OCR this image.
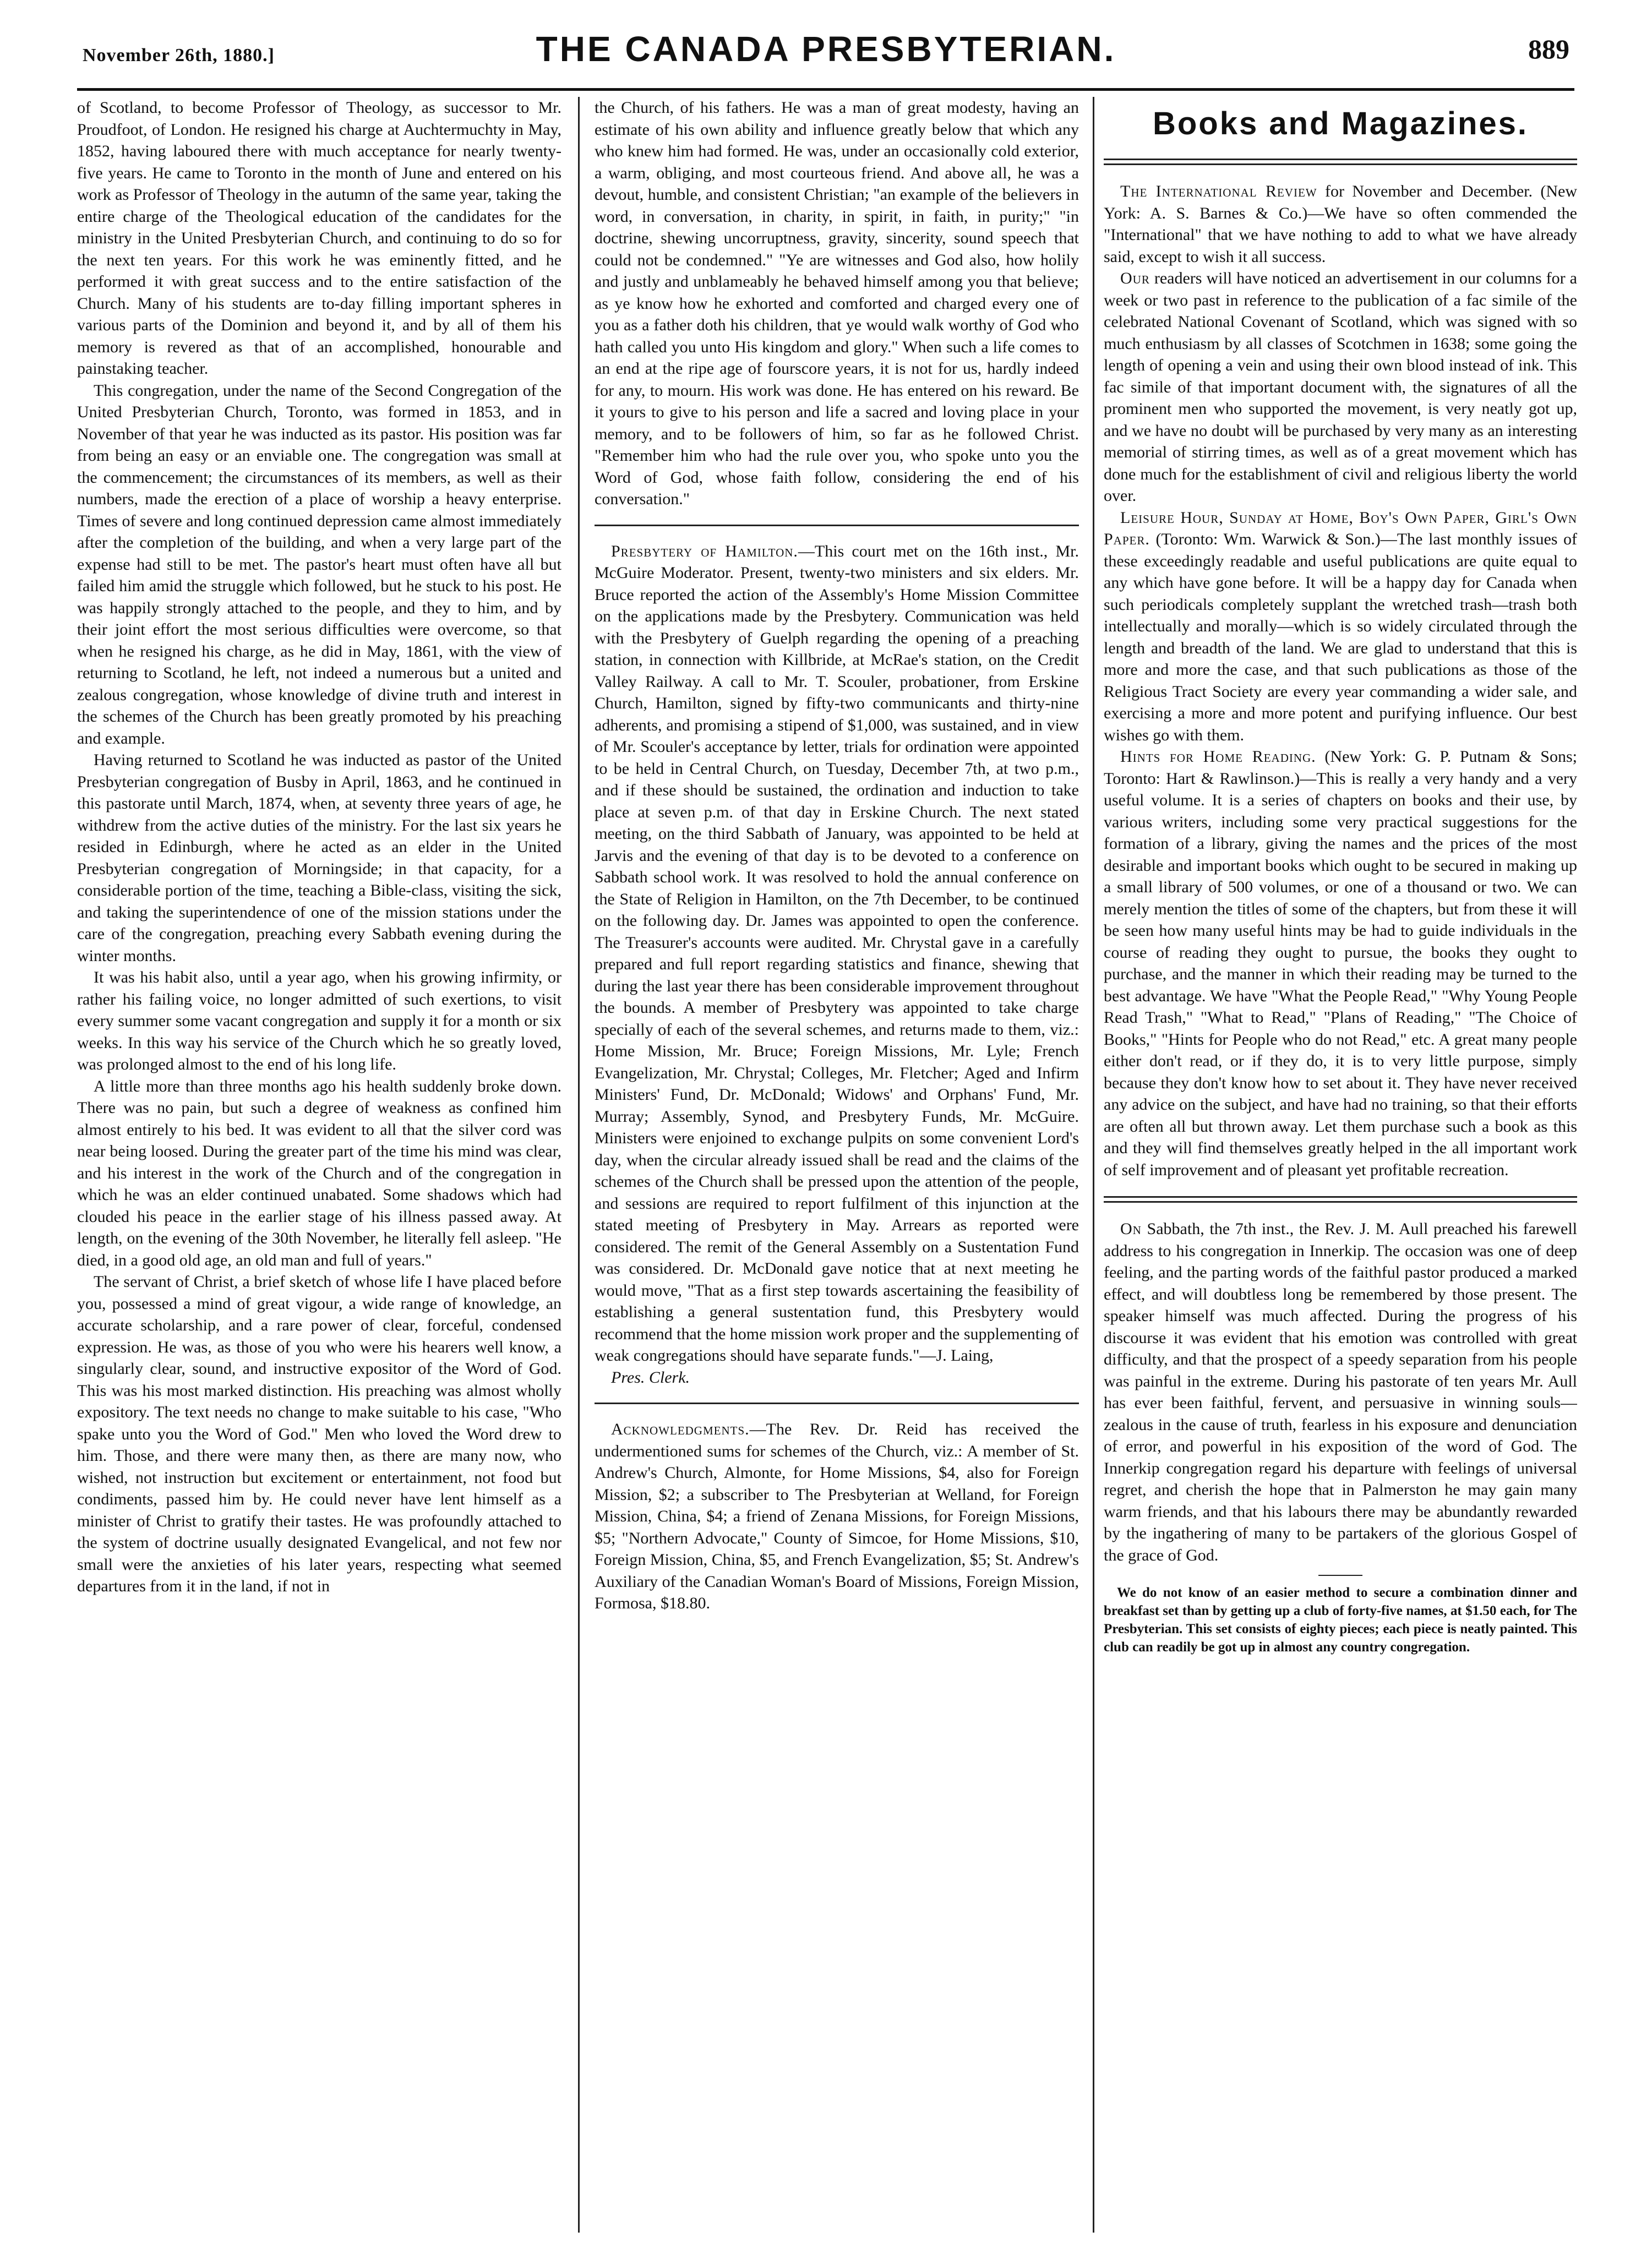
November 26th, 1880.]	THE CANADA PRESBYTERIAN.	889

of Scotland, to become Professor of Theology, as successor to Mr. Proudfoot, of London. He resigned his charge at Auchtermuchty in May, 1852, having laboured there with much acceptance for nearly twenty-five years. He came to Toronto in the month of June and entered on his work as Professor of Theology in the autumn of the same year, taking the entire charge of the Theological education of the candidates for the ministry in the United Presbyterian Church, and continuing to do so for the next ten years. For this work he was eminently fitted, and he performed it with great success and to the entire satisfaction of the Church. Many of his students are to-day filling important spheres in various parts of the Dominion and beyond it, and by all of them his memory is revered as that of an accomplished, honourable and painstaking teacher.

This congregation, under the name of the Second Congregation of the United Presbyterian Church, Toronto, was formed in 1853, and in November of that year he was inducted as its pastor. His position was far from being an easy or an enviable one. The congregation was small at the commencement; the circumstances of its members, as well as their numbers, made the erection of a place of worship a heavy enterprise. Times of severe and long continued depression came almost immediately after the completion of the building, and when a very large part of the expense had still to be met. The pastor's heart must often have all but failed him amid the struggle which followed, but he stuck to his post. He was happily strongly attached to the people, and they to him, and by their joint effort the most serious difficulties were overcome, so that when he resigned his charge, as he did in May, 1861, with the view of returning to Scotland, he left, not indeed a numerous but a united and zealous congregation, whose knowledge of divine truth and interest in the schemes of the Church has been greatly promoted by his preaching and example.

Having returned to Scotland he was inducted as pastor of the United Presbyterian congregation of Busby in April, 1863, and he continued in this pastorate until March, 1874, when, at seventy three years of age, he withdrew from the active duties of the ministry. For the last six years he resided in Edinburgh, where he acted as an elder in the United Presbyterian congregation of Morningside; in that capacity, for a considerable portion of the time, teaching a Bible-class, visiting the sick, and taking the superintendence of one of the mission stations under the care of the congregation, preaching every Sabbath evening during the winter months.

It was his habit also, until a year ago, when his growing infirmity, or rather his failing voice, no longer admitted of such exertions, to visit every summer some vacant congregation and supply it for a month or six weeks. In this way his service of the Church which he so greatly loved, was prolonged almost to the end of his long life.

A little more than three months ago his health suddenly broke down. There was no pain, but such a degree of weakness as confined him almost entirely to his bed. It was evident to all that the silver cord was near being loosed. During the greater part of the time his mind was clear, and his interest in the work of the Church and of the congregation in which he was an elder continued unabated. Some shadows which had clouded his peace in the earlier stage of his illness passed away. At length, on the evening of the 30th November, he literally fell asleep. "He died, in a good old age, an old man and full of years."

The servant of Christ, a brief sketch of whose life I have placed before you, possessed a mind of great vigour, a wide range of knowledge, an accurate scholarship, and a rare power of clear, forceful, condensed expression. He was, as those of you who were his hearers well know, a singularly clear, sound, and instructive expositor of the Word of God. This was his most marked distinction. His preaching was almost wholly expository. The text needs no change to make suitable to his case, "Who spake unto you the Word of God." Men who loved the Word drew to him. Those, and there were many then, as there are many now, who wished, not instruction but excitement or entertainment, not food but condiments, passed him by. He could never have lent himself as a minister of Christ to gratify their tastes. He was profoundly attached to the system of doctrine usually designated Evangelical, and not few nor small were the anxieties of his later years, respecting what seemed departures from it in the land, if not in

the Church, of his fathers. He was a man of great modesty, having an estimate of his own ability and influence greatly below that which any who knew him had formed. He was, under an occasionally cold exterior, a warm, obliging, and most courteous friend. And above all, he was a devout, humble, and consistent Christian; "an example of the believers in word, in conversation, in charity, in spirit, in faith, in purity;" "in doctrine, shewing uncorruptness, gravity, sincerity, sound speech that could not be condemned." "Ye are witnesses and God also, how holily and justly and unblameably he behaved himself among you that believe; as ye know how he exhorted and comforted and charged every one of you as a father doth his children, that ye would walk worthy of God who hath called you unto His kingdom and glory." When such a life comes to an end at the ripe age of fourscore years, it is not for us, hardly indeed for any, to mourn. His work was done. He has entered on his reward. Be it yours to give to his person and life a sacred and loving place in your memory, and to be followers of him, so far as he followed Christ. "Remember him who had the rule over you, who spoke unto you the Word of God, whose faith follow, considering the end of his conversation."

Presbytery of Hamilton.—This court met on the 16th inst., Mr. McGuire Moderator. Present, twenty-two ministers and six elders. Mr. Bruce reported the action of the Assembly's Home Mission Committee on the applications made by the Presbytery. Communication was held with the Presbytery of Guelph regarding the opening of a preaching station, in connection with Killbride, at McRae's station, on the Credit Valley Railway. A call to Mr. T. Scouler, probationer, from Erskine Church, Hamilton, signed by fifty-two communicants and thirty-nine adherents, and promising a stipend of $1,000, was sustained, and in view of Mr. Scouler's acceptance by letter, trials for ordination were appointed to be held in Central Church, on Tuesday, December 7th, at two p.m., and if these should be sustained, the ordination and induction to take place at seven p.m. of that day in Erskine Church. The next stated meeting, on the third Sabbath of January, was appointed to be held at Jarvis and the evening of that day is to be devoted to a conference on Sabbath school work. It was resolved to hold the annual conference on the State of Religion in Hamilton, on the 7th December, to be continued on the following day. Dr. James was appointed to open the conference. The Treasurer's accounts were audited. Mr. Chrystal gave in a carefully prepared and full report regarding statistics and finance, shewing that during the last year there has been considerable improvement throughout the bounds. A member of Presbytery was appointed to take charge specially of each of the several schemes, and returns made to them, viz.: Home Mission, Mr. Bruce; Foreign Missions, Mr. Lyle; French Evangelization, Mr. Chrystal; Colleges, Mr. Fletcher; Aged and Infirm Ministers' Fund, Dr. McDonald; Widows' and Orphans' Fund, Mr. Murray; Assembly, Synod, and Presbytery Funds, Mr. McGuire. Ministers were enjoined to exchange pulpits on some convenient Lord's day, when the circular already issued shall be read and the claims of the schemes of the Church shall be pressed upon the attention of the people, and sessions are required to report fulfilment of this injunction at the stated meeting of Presbytery in May. Arrears as reported were considered. The remit of the General Assembly on a Sustentation Fund was considered. Dr. McDonald gave notice that at next meeting he would move, "That as a first step towards ascertaining the feasibility of establishing a general sustentation fund, this Presbytery would recommend that the home mission work proper and the supplementing of weak congregations should have separate funds."—J. Laing,

Pres. Clerk.

Acknowledgments.—The Rev. Dr. Reid has received the undermentioned sums for schemes of the Church, viz.: A member of St. Andrew's Church, Almonte, for Home Missions, $4, also for Foreign Mission, $2; a subscriber to The Presbyterian at Welland, for Foreign Mission, China, $4; a friend of Zenana Missions, for Foreign Missions, $5; "Northern Advocate," County of Simcoe, for Home Missions, $10, Foreign Mission, China, $5, and French Evangelization, $5; St. Andrew's Auxiliary of the Canadian Woman's Board of Missions, Foreign Mission, Formosa, $18.80.

Books and Magazines.

The International Review for November and December. (New York: A. S. Barnes & Co.)—We have so often commended the "International" that we have nothing to add to what we have already said, except to wish it all success.

Our readers will have noticed an advertisement in our columns for a week or two past in reference to the publication of a fac simile of the celebrated National Covenant of Scotland, which was signed with so much enthusiasm by all classes of Scotchmen in 1638; some going the length of opening a vein and using their own blood instead of ink. This fac simile of that important document with, the signatures of all the prominent men who supported the movement, is very neatly got up, and we have no doubt will be purchased by very many as an interesting memorial of stirring times, as well as of a great movement which has done much for the establishment of civil and religious liberty the world over.

Leisure Hour, Sunday at Home, Boy's Own Paper, Girl's Own Paper. (Toronto: Wm. Warwick & Son.)—The last monthly issues of these exceedingly readable and useful publications are quite equal to any which have gone before. It will be a happy day for Canada when such periodicals completely supplant the wretched trash—trash both intellectually and morally—which is so widely circulated through the length and breadth of the land. We are glad to understand that this is more and more the case, and that such publications as those of the Religious Tract Society are every year commanding a wider sale, and exercising a more and more potent and purifying influence. Our best wishes go with them.

Hints for Home Reading. (New York: G. P. Putnam & Sons; Toronto: Hart & Rawlinson.)—This is really a very handy and a very useful volume. It is a series of chapters on books and their use, by various writers, including some very practical suggestions for the formation of a library, giving the names and the prices of the most desirable and important books which ought to be secured in making up a small library of 500 volumes, or one of a thousand or two. We can merely mention the titles of some of the chapters, but from these it will be seen how many useful hints may be had to guide individuals in the course of reading they ought to pursue, the books they ought to purchase, and the manner in which their reading may be turned to the best advantage. We have "What the People Read," "Why Young People Read Trash," "What to Read," "Plans of Reading," "The Choice of Books," "Hints for People who do not Read," etc. A great many people either don't read, or if they do, it is to very little purpose, simply because they don't know how to set about it. They have never received any advice on the subject, and have had no training, so that their efforts are often all but thrown away. Let them purchase such a book as this and they will find themselves greatly helped in the all important work of self improvement and of pleasant yet profitable recreation.

On Sabbath, the 7th inst., the Rev. J. M. Aull preached his farewell address to his congregation in Innerkip. The occasion was one of deep feeling, and the parting words of the faithful pastor produced a marked effect, and will doubtless long be remembered by those present. The speaker himself was much affected. During the progress of his discourse it was evident that his emotion was controlled with great difficulty, and that the prospect of a speedy separation from his people was painful in the extreme. During his pastorate of ten years Mr. Aull has ever been faithful, fervent, and persuasive in winning souls—zealous in the cause of truth, fearless in his exposure and denunciation of error, and powerful in his exposition of the word of God. The Innerkip congregation regard his departure with feelings of universal regret, and cherish the hope that in Palmerston he may gain many warm friends, and that his labours there may be abundantly rewarded by the ingathering of many to be partakers of the glorious Gospel of the grace of God.

We do not know of an easier method to secure a combination dinner and breakfast set than by getting up a club of forty-five names, at $1.50 each, for The Presbyterian. This set consists of eighty pieces; each piece is neatly painted. This club can readily be got up in almost any country congregation.
